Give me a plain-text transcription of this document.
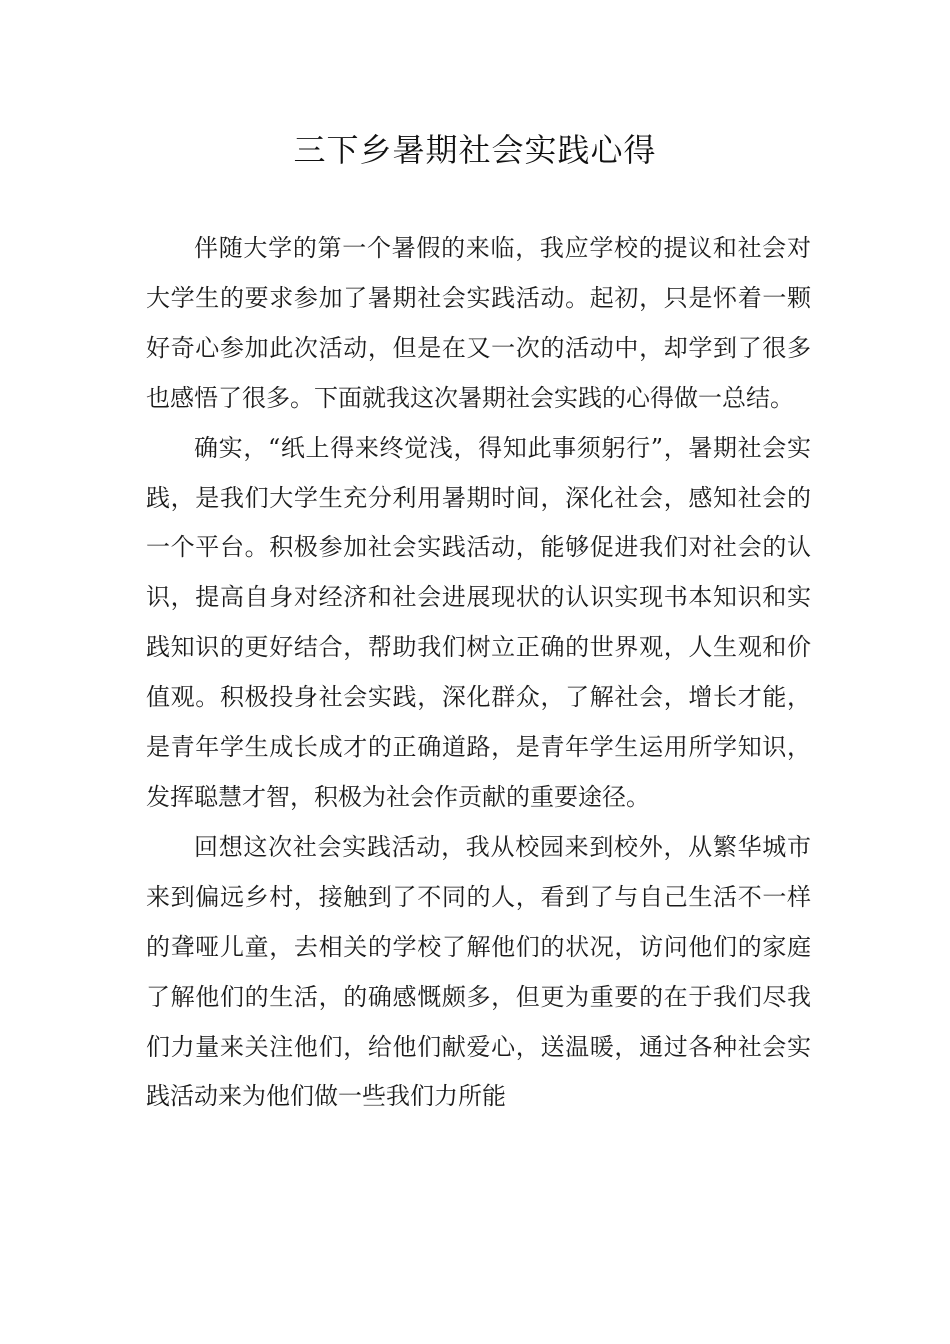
三下乡暑期社会实践心得

伴随大学的第一个暑假的来临，我应学校的提议和社会对大学生的要求参加了暑期社会实践活动。起初，只是怀着一颗好奇心参加此次活动，但是在又一次的活动中，却学到了很多也感悟了很多。下面就我这次暑期社会实践的心得做一总结。

确实，“纸上得来终觉浅，得知此事须躬行”，暑期社会实践，是我们大学生充分利用暑期时间，深化社会，感知社会的一个平台。积极参加社会实践活动，能够促进我们对社会的认识，提高自身对经济和社会进展现状的认识实现书本知识和实践知识的更好结合，帮助我们树立正确的世界观，人生观和价值观。积极投身社会实践，深化群众，了解社会，增长才能，是青年学生成长成才的正确道路，是青年学生运用所学知识，发挥聪慧才智，积极为社会作贡献的重要途径。

回想这次社会实践活动，我从校园来到校外，从繁华城市来到偏远乡村，接触到了不同的人，看到了与自己生活不一样的聋哑儿童，去相关的学校了解他们的状况，访问他们的家庭了解他们的生活，的确感慨颇多，但更为重要的在于我们尽我们力量来关注他们，给他们献爱心，送温暖，通过各种社会实践活动来为他们做一些我们力所能
